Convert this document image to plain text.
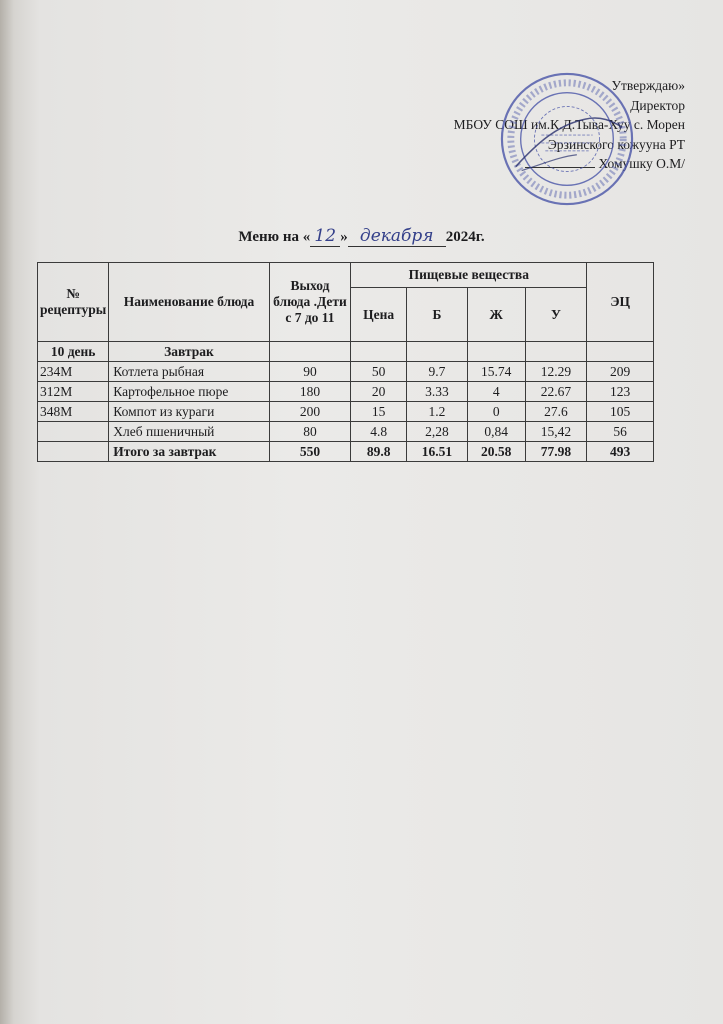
Утверждаю»
Директор
МБОУ СОШ им.К.Д.Тыва-Хуу с. Морен
Эрзинского кожууна РТ
Хомушку О.М/
Меню на « 12 » декабря 2024г.
№ рецептуры	Наименование блюда	Выход блюда .Дети с 7 до 11	Пищевые вещества				ЭЦ
			Цена	Б	Ж	У	
10 день	Завтрак						
234М	Котлета рыбная	90	50	9.7	15.74	12.29	209
312М	Картофельное пюре	180	20	3.33	4	22.67	123
348М	Компот из кураги	200	15	1.2	0	27.6	105
	Хлеб пшеничный	80	4.8	2,28	0,84	15,42	56
	Итого за завтрак	550	89.8	16.51	20.58	77.98	493
